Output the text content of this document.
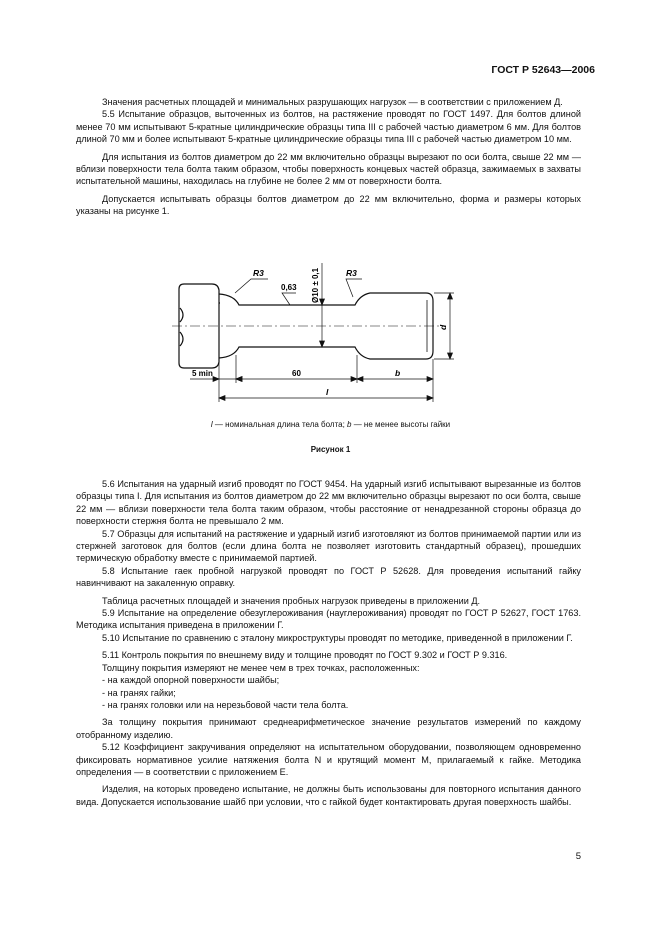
ГОСТ Р 52643—2006

Значения расчетных площадей и минимальных разрушающих нагрузок — в соответствии с приложением Д.

5.5 Испытание образцов, выточенных из болтов, на растяжение проводят по ГОСТ 1497. Для болтов длиной менее 70 мм испытывают 5-кратные цилиндрические образцы типа III с рабочей частью диаметром 6 мм. Для болтов длиной 70 мм и более испытывают 5-кратные цилиндрические образцы типа III с рабочей частью диаметром 10 мм.

Для испытания из болтов диаметром до 22 мм включительно образцы вырезают по оси болта, свыше 22 мм — вблизи поверхности тела болта таким образом, чтобы поверхность концевых частей образца, зажимаемых в захваты испытательной машины, находилась на глубине не более 2 мм от поверхности болта.

Допускается испытывать образцы болтов диаметром до 22 мм включительно, форма и размеры которых указаны на рисунке 1.

R3	R3
0,63 Ø10 ± 0,1
d
5 min	60	b
l
l — номинальная длина тела болта; b — не менее высоты гайки
Рисунок 1

5.6 Испытания на ударный изгиб проводят по ГОСТ 9454. На ударный изгиб испытывают вырезанные из болтов образцы типа I. Для испытания из болтов диаметром до 22 мм включительно образцы вырезают по оси болта, свыше 22 мм — вблизи поверхности тела болта таким образом, чтобы расстояние от ненадрезанной стороны образца до поверхности стержня болта не превышало 2 мм.

5.7 Образцы для испытаний на растяжение и ударный изгиб изготовляют из болтов принимаемой партии или из стержней заготовок для болтов (если длина болта не позволяет изготовить стандартный образец), прошедших термическую обработку вместе с принимаемой партией.

5.8 Испытание гаек пробной нагрузкой проводят по ГОСТ Р 52628. Для проведения испытаний гайку навинчивают на закаленную оправку.

Таблица расчетных площадей и значения пробных нагрузок приведены в приложении Д.

5.9 Испытание на определение обезуглероживания (науглероживания) проводят по ГОСТ Р 52627, ГОСТ 1763. Методика испытания приведена в приложении Г.

5.10 Испытание по сравнению с эталону микроструктуры проводят по методике, приведенной в приложении Г.

5.11 Контроль покрытия по внешнему виду и толщине проводят по ГОСТ 9.302 и ГОСТ Р 9.316.

Толщину покрытия измеряют не менее чем в трех точках, расположенных:

- на каждой опорной поверхности шайбы;

- на гранях гайки;

- на гранях головки или на нерезьбовой части тела болта.

За толщину покрытия принимают среднеарифметическое значение результатов измерений по каждому отобранному изделию.

5.12 Коэффициент закручивания определяют на испытательном оборудовании, позволяющем одновременно фиксировать нормативное усилие натяжения болта N и крутящий момент M, прилагаемый к гайке. Методика определения — в соответствии с приложением Е.

Изделия, на которых проведено испытание, не должны быть использованы для повторного испытания данного вида. Допускается использование шайб при условии, что с гайкой будет контактировать другая поверхность шайбы.

5
